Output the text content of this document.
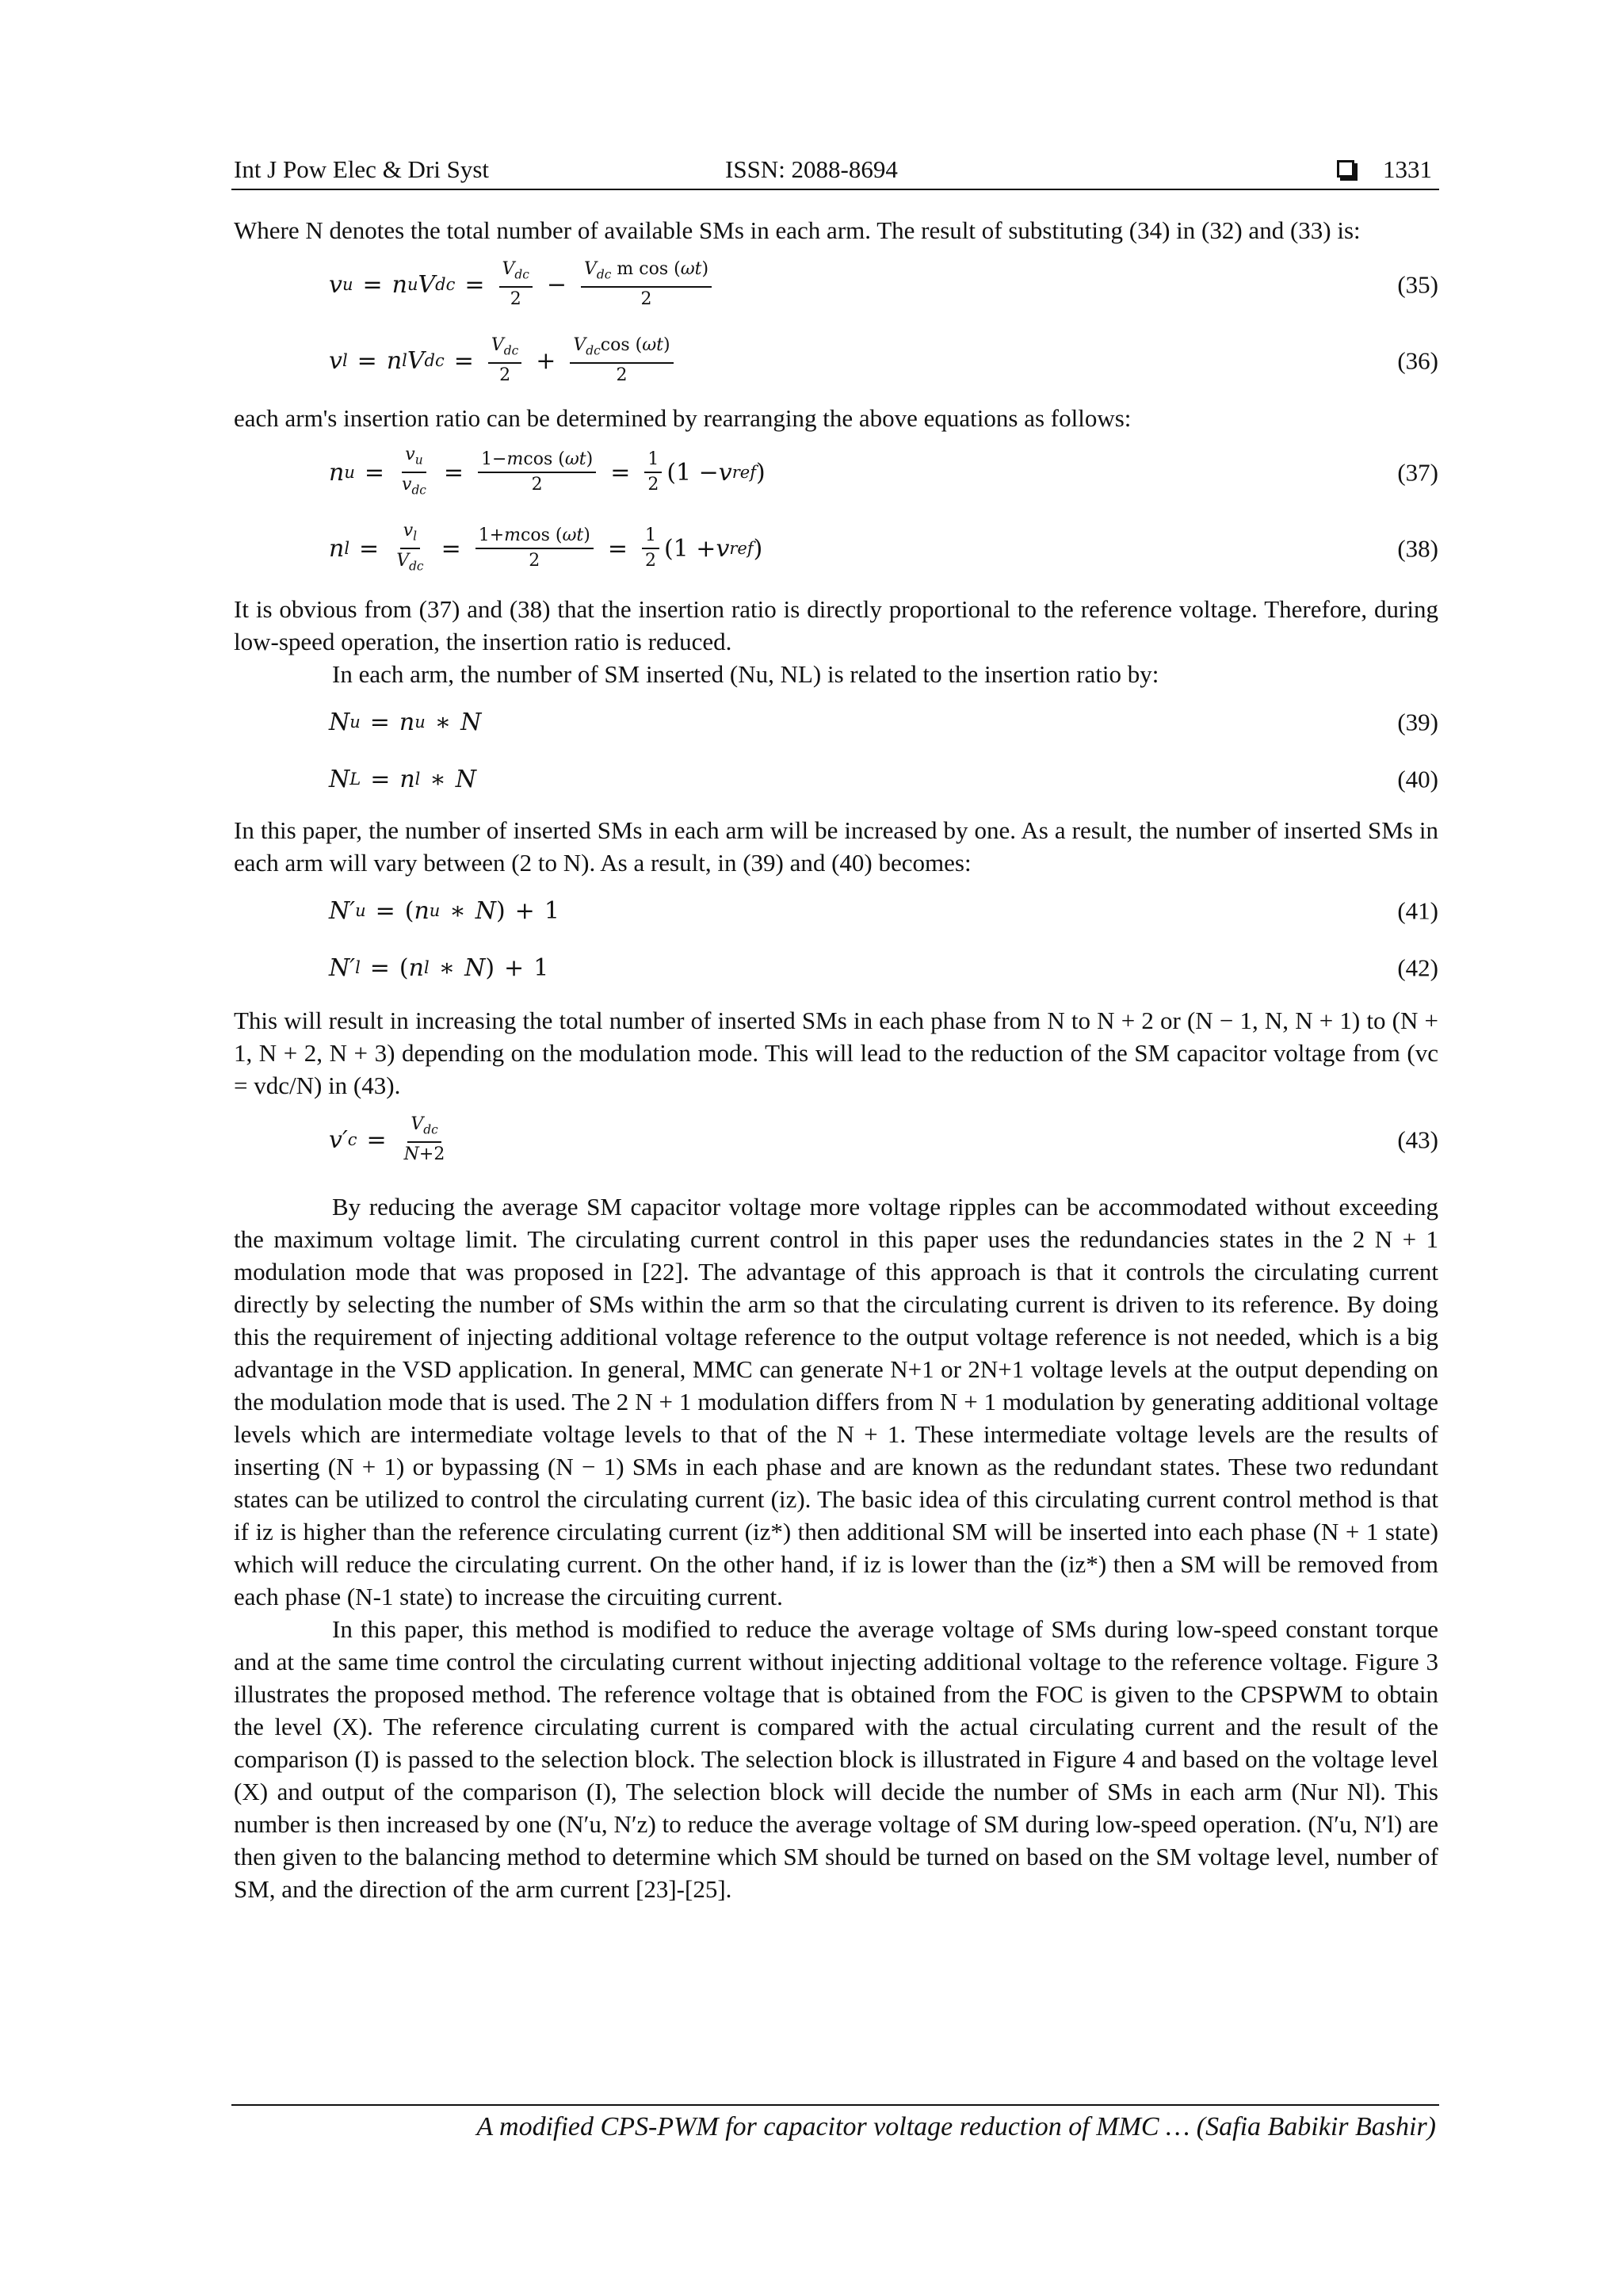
Int J Pow Elec & Dri Syst	ISSN: 2088-8694	1331

Where N denotes the total number of available SMs in each arm. The result of substituting (34) in (32) and (33) is:

v u = n u V dc = $\frac{V_{dc}}{2} - \frac{V_{dc} m \cos (\omega t)}{2}$	(35)
v l = n l V dc = $\frac{V_{dc}}{2} + \frac{V_{dc}\cos (\omega t)}{2}$	(36)

each arm's insertion ratio can be determined by rearranging the above equations as follows:

n $u = \frac{v_u}{v_{dc}} = \frac{1-mcos (\omega t)}{2} = \frac{1}{2} (1 - v$ ref )	(37)
n $l = \frac{v_l}{V_{dc}} = \frac{1+mcos (\omega t)}{2} = \frac{1}{2} (1 + v$ ref )	(38)

It is obvious from (37) and (38) that the insertion ratio is directly proportional to the reference voltage. Therefore, during low-speed operation, the insertion ratio is reduced.

In each arm, the number of SM inserted (Nu, NL) is related to the insertion ratio by:

N u = n u ∗ N	(39)
N L = n l ∗ N	(40)

In this paper, the number of inserted SMs in each arm will be increased by one. As a result, the number of inserted SMs in each arm will vary between (2 to N). As a result, in (39) and (40) becomes:

N′ u = ( n u ∗ N ) + 1	(41)
N′ l = ( n l ∗ N ) + 1	(42)

This will result in increasing the total number of inserted SMs in each phase from N to N + 2 or (N − 1, N, N + 1) to (N + 1, N + 2, N + 3) depending on the modulation mode. This will lead to the reduction of the SM capacitor voltage from (vc = vdc/N) in (43).

v′ $c = \frac{V_{dc}}{N+2}$	(43)

By reducing the average SM capacitor voltage more voltage ripples can be accommodated without exceeding the maximum voltage limit. The circulating current control in this paper uses the redundancies states in the 2 N + 1 modulation mode that was proposed in [22]. The advantage of this approach is that it controls the circulating current directly by selecting the number of SMs within the arm so that the circulating current is driven to its reference. By doing this the requirement of injecting additional voltage reference to the output voltage reference is not needed, which is a big advantage in the VSD application. In general, MMC can generate N+1 or 2N+1 voltage levels at the output depending on the modulation mode that is used. The 2 N + 1 modulation differs from N + 1 modulation by generating additional voltage levels which are intermediate voltage levels to that of the N + 1. These intermediate voltage levels are the results of inserting (N + 1) or bypassing (N − 1) SMs in each phase and are known as the redundant states. These two redundant states can be utilized to control the circulating current (iz). The basic idea of this circulating current control method is that if iz is higher than the reference circulating current (iz*) then additional SM will be inserted into each phase (N + 1 state) which will reduce the circulating current. On the other hand, if iz is lower than the (iz*) then a SM will be removed from each phase (N-1 state) to increase the circuiting current.

In this paper, this method is modified to reduce the average voltage of SMs during low-speed constant torque and at the same time control the circulating current without injecting additional voltage to the reference voltage. Figure 3 illustrates the proposed method. The reference voltage that is obtained from the FOC is given to the CPSPWM to obtain the level (X). The reference circulating current is compared with the actual circulating current and the result of the comparison (I) is passed to the selection block. The selection block is illustrated in Figure 4 and based on the voltage level (X) and output of the comparison (I), The selection block will decide the number of SMs in each arm (Nur Nl). This number is then increased by one (N′u, N′z) to reduce the average voltage of SM during low-speed operation. (N′u, N′l) are then given to the balancing method to determine which SM should be turned on based on the SM voltage level, number of SM, and the direction of the arm current [23]-[25].

A modified CPS-PWM for capacitor voltage reduction of MMC … (Safia Babikir Bashir)
